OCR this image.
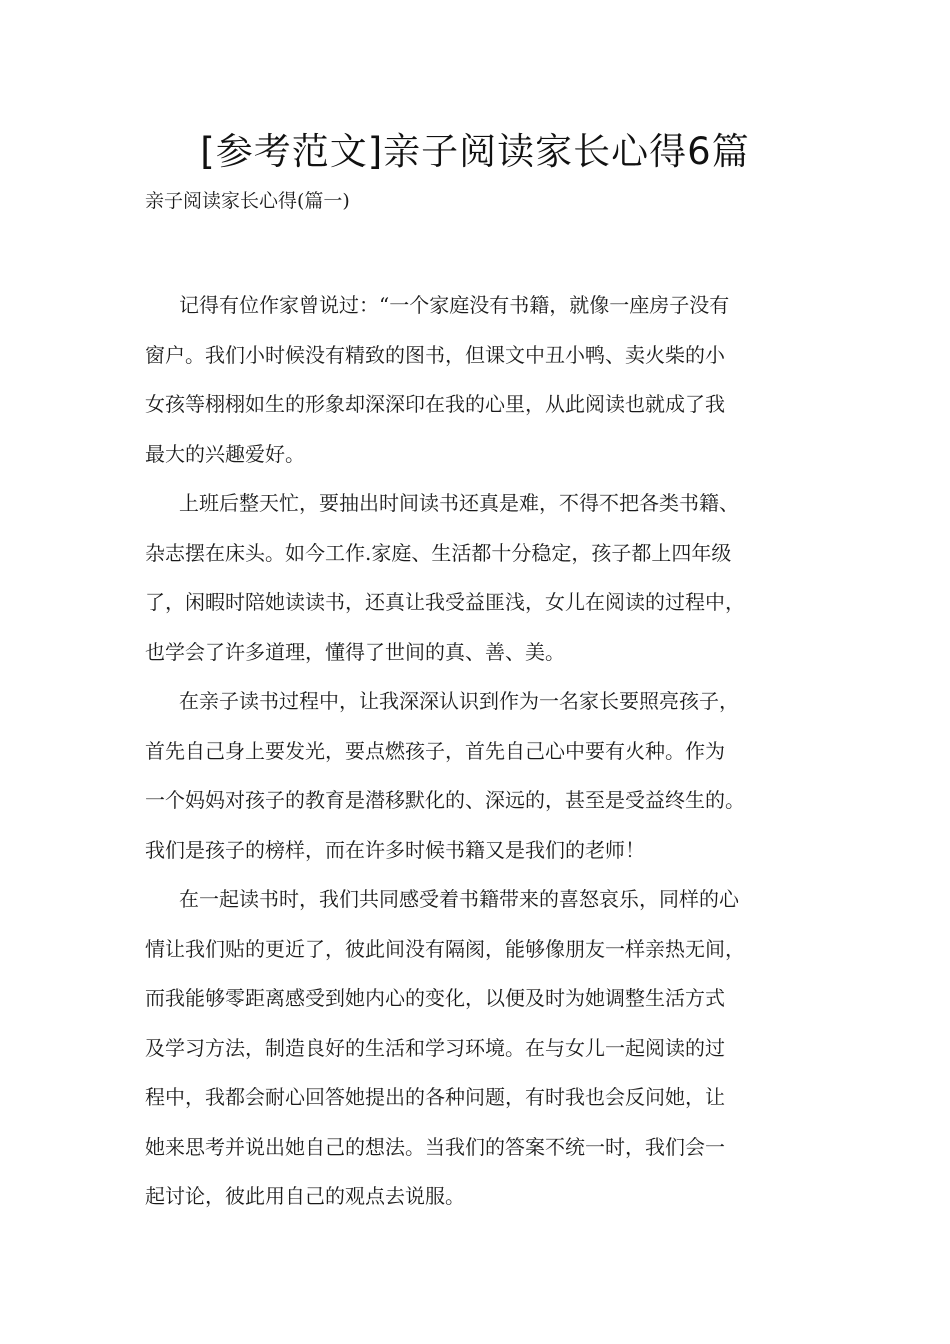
[参考范文]亲子阅读家长心得6篇
亲子阅读家长心得(篇一)

记得有位作家曾说过：“一个家庭没有书籍，就像一座房子没有
窗户。我们小时候没有精致的图书，但课文中丑小鸭、卖火柴的小
女孩等栩栩如生的形象却深深印在我的心里，从此阅读也就成了我
最大的兴趣爱好。

上班后整天忙，要抽出时间读书还真是难，不得不把各类书籍、
杂志摆在床头。如今工作.家庭、生活都十分稳定，孩子都上四年级
了，闲暇时陪她读读书，还真让我受益匪浅，女儿在阅读的过程中，
也学会了许多道理，懂得了世间的真、善、美。

在亲子读书过程中，让我深深认识到作为一名家长要照亮孩子，
首先自己身上要发光，要点燃孩子，首先自己心中要有火种。作为
一个妈妈对孩子的教育是潜移默化的、深远的，甚至是受益终生的。
我们是孩子的榜样，而在许多时候书籍又是我们的老师！

在一起读书时，我们共同感受着书籍带来的喜怒哀乐，同样的心
情让我们贴的更近了，彼此间没有隔阂，能够像朋友一样亲热无间，
而我能够零距离感受到她内心的变化，以便及时为她调整生活方式
及学习方法，制造良好的生活和学习环境。在与女儿一起阅读的过
程中，我都会耐心回答她提出的各种问题，有时我也会反问她，让
她来思考并说出她自己的想法。当我们的答案不统一时，我们会一
起讨论，彼此用自己的观点去说服。
